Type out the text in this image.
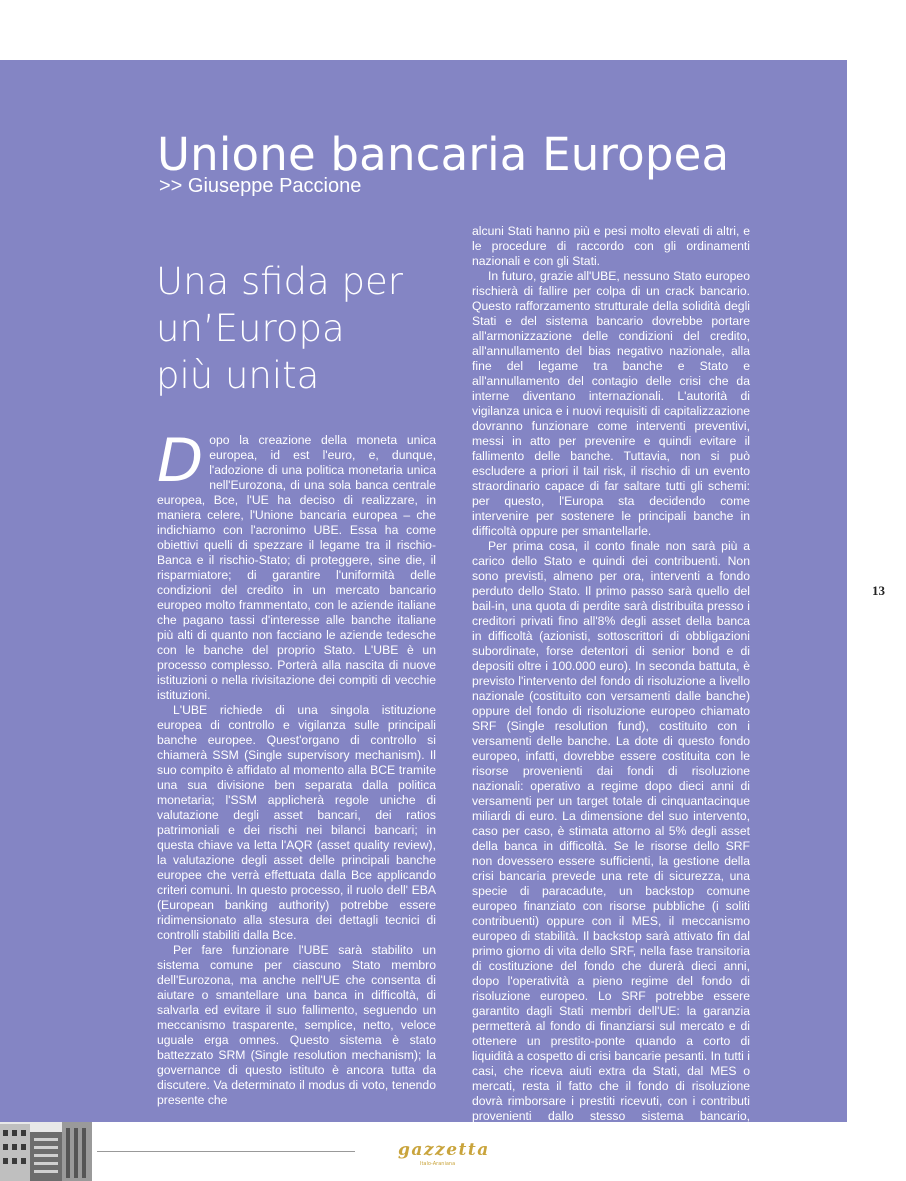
Unione bancaria Europea
>> Giuseppe Paccione
Una sfida per
un’Europa
più unita

Dopo la creazione della moneta unica europea, id est l'euro, e, dunque, l'adozione di una politica monetaria unica nell'Eurozona, di una sola banca centrale europea, Bce, l'UE ha deciso di realizzare, in maniera celere, l'Unione bancaria europea – che indichiamo con l'acronimo UBE. Essa ha come obiettivi quelli di spezzare il legame tra il rischio-Banca e il rischio-Stato; di proteggere, sine die, il risparmiatore; di garantire l'uniformità delle condizioni del credito in un mercato bancario europeo molto frammentato, con le aziende italiane che pagano tassi d'interesse alle banche italiane più alti di quanto non facciano le aziende tedesche con le banche del proprio Stato. L'UBE è un processo complesso. Porterà alla nascita di nuove istituzioni o nella rivisitazione dei compiti di vecchie istituzioni.

L'UBE richiede di una singola istituzione europea di controllo e vigilanza sulle principali banche europee. Quest'organo di controllo si chiamerà SSM (Single supervisory mechanism). Il suo compito è affidato al momento alla BCE tramite una sua divisione ben separata dalla politica monetaria; l'SSM applicherà regole uniche di valutazione degli asset bancari, dei ratios patrimoniali e dei rischi nei bilanci bancari; in questa chiave va letta l'AQR (asset quality review), la valutazione degli asset delle principali banche europee che verrà effettuata dalla Bce applicando criteri comuni. In questo processo, il ruolo dell' EBA (European banking authority) potrebbe essere ridimensionato alla stesura dei dettagli tecnici di controlli stabiliti dalla Bce.

Per fare funzionare l'UBE sarà stabilito un sistema comune per ciascuno Stato membro dell'Eurozona, ma anche nell'UE che consenta di aiutare o smantellare una banca in difficoltà, di salvarla ed evitare il suo fallimento, seguendo un meccanismo trasparente, semplice, netto, veloce uguale erga omnes. Questo sistema è stato battezzato SRM (Single resolution mechanism); la governance di questo istituto è ancora tutta da discutere. Va determinato il modus di voto, tenendo presente che

alcuni Stati hanno più e pesi molto elevati di altri, e le procedure di raccordo con gli ordinamenti nazionali e con gli Stati.

In futuro, grazie all'UBE, nessuno Stato europeo rischierà di fallire per colpa di un crack bancario. Questo rafforzamento strutturale della solidità degli Stati e del sistema bancario dovrebbe portare all'armonizzazione delle condizioni del credito, all'annullamento del bias negativo nazionale, alla fine del legame tra banche e Stato e all'annullamento del contagio delle crisi che da interne diventano internazionali. L'autorità di vigilanza unica e i nuovi requisiti di capitalizzazione dovranno funzionare come interventi preventivi, messi in atto per prevenire e quindi evitare il fallimento delle banche. Tuttavia, non si può escludere a priori il tail risk, il rischio di un evento straordinario capace di far saltare tutti gli schemi: per questo, l'Europa sta decidendo come intervenire per sostenere le principali banche in difficoltà oppure per smantellarle.

Per prima cosa, il conto finale non sarà più a carico dello Stato e quindi dei contribuenti. Non sono previsti, almeno per ora, interventi a fondo perduto dello Stato. Il primo passo sarà quello del bail-in, una quota di perdite sarà distribuita presso i creditori privati fino all'8% degli asset della banca in difficoltà (azionisti, sottoscrittori di obbligazioni subordinate, forse detentori di senior bond e di depositi oltre i 100.000 euro). In seconda battuta, è previsto l'intervento del fondo di risoluzione a livello nazionale (costituito con versamenti dalle banche) oppure del fondo di risoluzione europeo chiamato SRF (Single resolution fund), costituito con i versamenti delle banche. La dote di questo fondo europeo, infatti, dovrebbe essere costituita con le risorse provenienti dai fondi di risoluzione nazionali: operativo a regime dopo dieci anni di versamenti per un target totale di cinquantacinque miliardi di euro. La dimensione del suo intervento, caso per caso, è stimata attorno al 5% degli asset della banca in difficoltà. Se le risorse dello SRF non dovessero essere sufficienti, la gestione della crisi bancaria prevede una rete di sicurezza, una specie di paracadute, un backstop comune europeo finanziato con risorse pubbliche (i soliti contribuenti) oppure con il MES, il meccanismo europeo di stabilità. Il backstop sarà attivato fin dal primo giorno di vita dello SRF, nella fase transitoria di costituzione del fondo che durerà dieci anni, dopo l'operatività a pieno regime del fondo di risoluzione europeo. Lo SRF potrebbe essere garantito dagli Stati membri dell'UE: la garanzia permetterà al fondo di finanziarsi sul mercato e di ottenere un prestito-ponte quando a corto di liquidità a cospetto di crisi bancarie pesanti. In tutti i casi, che riceva aiuti extra da Stati, dal MES o mercati, resta il fatto che il fondo di risoluzione dovrà rimborsare i prestiti ricevuti, con i contributi provenienti dallo stesso sistema bancario, ovviamente quello sano.

13
gazzetta
Italo-Araniana
